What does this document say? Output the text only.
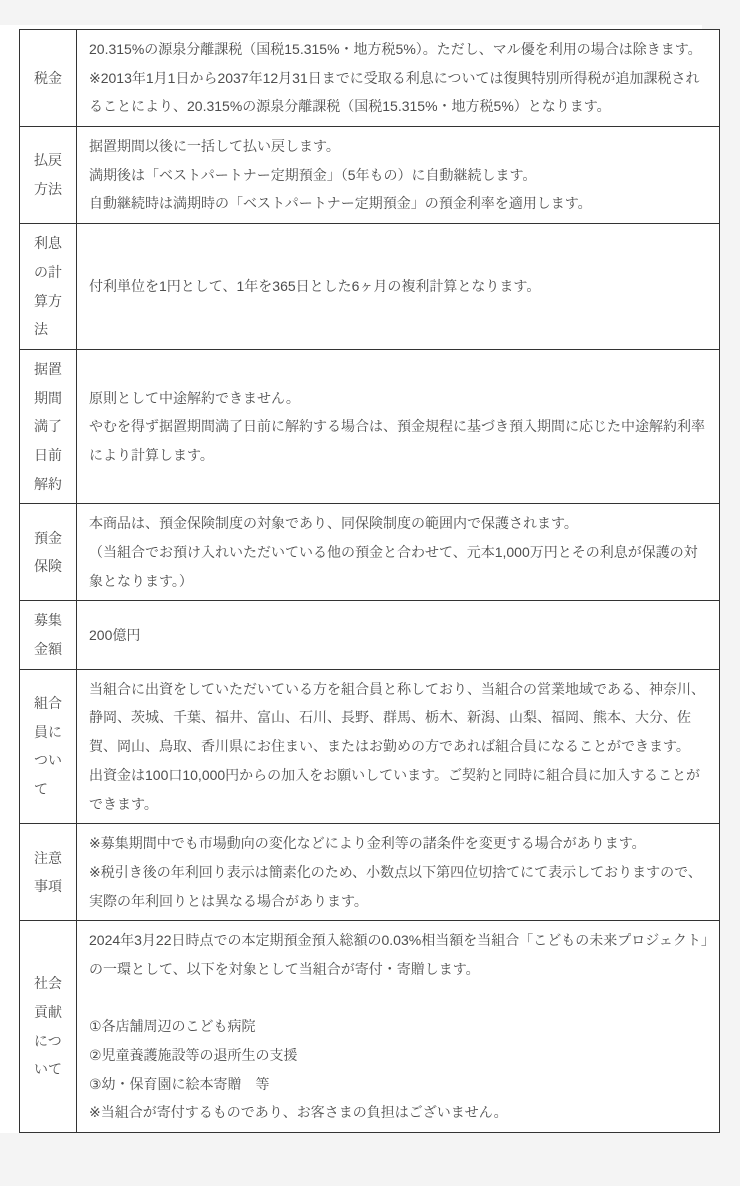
税金	20.315%の源泉分離課税（国税15.315%・地方税5%）。ただし、マル優を利用の場合は除きます。

※2013年1月1日から2037年12月31日までに受取る利息については復興特別所得税が追加課税されることにより、20.315%の源泉分離課税（国税15.315%・地方税5%）となります。

払戻方法	据置期間以後に一括して払い戻します。

満期後は「ベストパートナー定期預金」（5年もの）に自動継続します。

自動継続時は満期時の「ベストパートナー定期預金」の預金利率を適用します。

利息の計算方法	付利単位を1円として、1年を365日とした6ヶ月の複利計算となります。

据置期間満了日前解約	原則として中途解約できません。

やむを得ず据置期間満了日前に解約する場合は、預金規程に基づき預入期間に応じた中途解約利率により計算します。

預金保険	本商品は、預金保険制度の対象であり、同保険制度の範囲内で保護されます。

（当組合でお預け入れいただいている他の預金と合わせて、元本1,000万円とその利息が保護の対象となります。）

募集金額	200億円

組合員について	当組合に出資をしていただいている方を組合員と称しており、当組合の営業地域である、神奈川、静岡、茨城、千葉、福井、富山、石川、長野、群馬、栃木、新潟、山梨、福岡、熊本、大分、佐賀、岡山、鳥取、香川県にお住まい、またはお勤めの方であれば組合員になることができます。

出資金は100口10,000円からの加入をお願いしています。ご契約と同時に組合員に加入することができます。

注意事項	※募集期間中でも市場動向の変化などにより金利等の諸条件を変更する場合があります。

※税引き後の年利回り表示は簡素化のため、小数点以下第四位切捨てにて表示しておりますので、実際の年利回りとは異なる場合があります。

社会貢献について	2024年3月22日時点での本定期預金預入総額の0.03%相当額を当組合「こどもの未来プロジェクト」の一環として、以下を対象として当組合が寄付・寄贈します。

①各店舗周辺のこども病院

②児童養護施設等の退所生の支援

③幼・保育園に絵本寄贈　等

※当組合が寄付するものであり、お客さまの負担はございません。
